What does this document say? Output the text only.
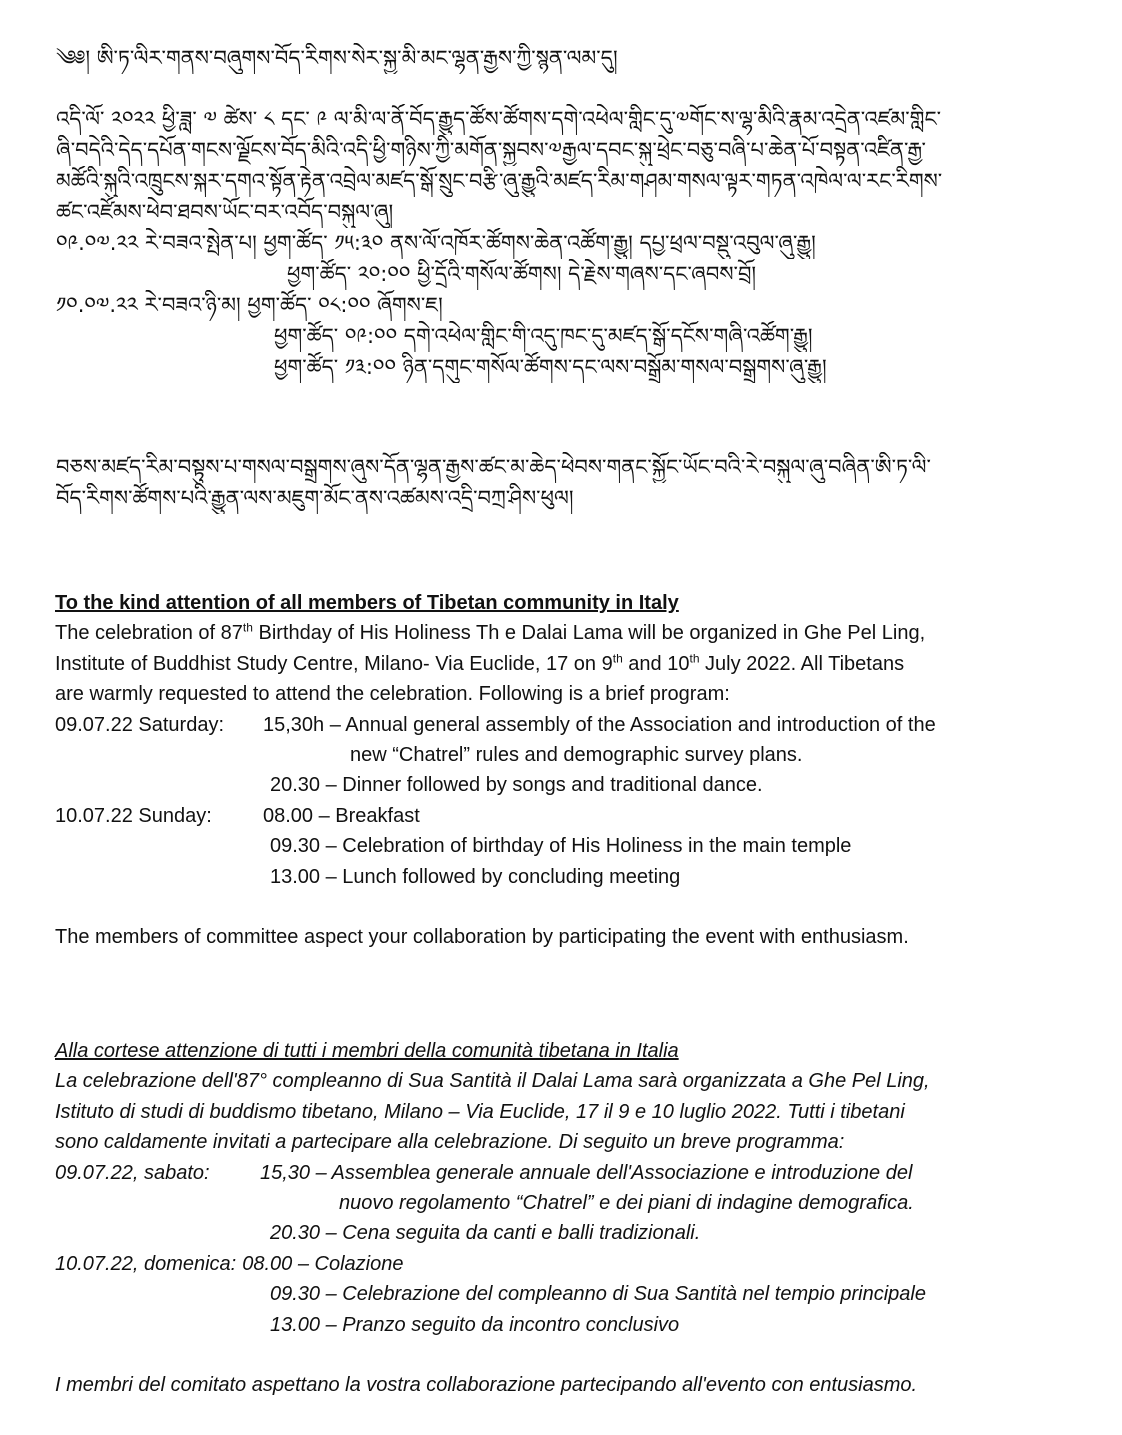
༄༅། ཨི་ཏ་ལིར་གནས་བཞུགས་བོད་རིགས་སེར་སྐྱ་མི་མང་ལྷན་རྒྱས་ཀྱི་སྙན་ལམ་དུ།
འདི་ལོ་ ༢༠༢༢ ཕྱི་ཟླ་ ༧ ཚེས་ ༨ དང་ ༩ ལ་མི་ལ་ནོ་བོད་རྒྱུད་ཚོས་ཚོགས་དགེ་འཕེལ་གླིང་དུ་༧གོང་ས་ལྷ་མིའི་རྣམ་འདྲེན་འཛམ་གླིང་
ཞི་བདེའི་དེད་དཔོན་གངས་ལྗོངས་བོད་མིའི་འདི་ཕྱི་གཉིས་ཀྱི་མགོན་སྐྱབས་༧རྒྱལ་དབང་སྐུ་ཕྲེང་བཅུ་བཞི་པ་ཆེན་པོ་བསྟན་འཛིན་རྒྱ་
མཚོའི་སྐུའི་འཁྲུངས་སྐར་དགའ་སྟོན་རྟེན་འབྲེལ་མཛད་སྒོ་སྲུང་བརྩི་ཞུ་རྒྱུའི་མཛད་རིམ་གཤམ་གསལ་ལྟར་གཏན་འཁེལ་ལ་རང་རིགས་
ཚང་འཛོམས་ཕེབ་ཐབས་ཡོང་བར་འབོད་བསྐུལ་ཞུ།
༠༩.༠༧.༢༢ རེ་བཟའ་སྤེན་པ། ཕྱག་ཚོད་ ༡༥:༣༠ ནས་ལོ་འཁོར་ཚོགས་ཆེན་འཚོག་རྒྱུ། དཔྱ་ཕྲལ་བསྡུ་འབུལ་ཞུ་རྒྱུ།
ཕྱག་ཚོད་ ༢༠:༠༠ ཕྱི་དྲོའི་གསོལ་ཚོགས། དེ་རྗེས་གཞས་དང་ཞབས་བྲོ།
༡༠.༠༧.༢༢ རེ་བཟའ་ཉི་མ། ཕྱག་ཚོད་ ༠༨:༠༠ ཞོགས་ཇ།
ཕྱག་ཚོད་ ༠༩:༠༠ དགེ་འཕེལ་གླིང་གི་འདུ་ཁང་དུ་མཛད་སྒོ་དངོས་གཞི་འཚོག་རྒྱུ།
ཕྱག་ཚོད་ ༡༣:༠༠ ཉིན་དགུང་གསོལ་ཚོགས་དང་ལས་བསྒྲོམ་གསལ་བསྒྲགས་ཞུ་རྒྱུ།
བཅས་མཛད་རིམ་བསྟུས་པ་གསལ་བསྒྲགས་ཞུས་དོན་ལྷན་རྒྱས་ཚང་མ་ཆེད་ཕེབས་གནང་སྐྱོང་ཡོང་བའི་རེ་བསྐུལ་ཞུ་བཞིན་ཨི་ཏ་ལི་
བོད་རིགས་ཚོགས་པའི་རྒྱུན་ལས་མཇུག་མོང་ནས་འཚམས་འདྲི་བཀྲ་ཤིས་ཕུལ།
To the kind attention of all members of Tibetan community in Italy
The celebration of 87th Birthday of His Holiness Th e Dalai Lama will be organized in Ghe Pel Ling,
Institute of Buddhist Study Centre, Milano- Via Euclide, 17 on 9th and 10th July 2022. All Tibetans
are warmly requested to attend the celebration. Following is a brief program:
09.07.22 Saturday:	15,30h – Annual general assembly of the Association and introduction of the
new “Chatrel” rules and demographic survey plans.
20.30 – Dinner followed by songs and traditional dance.
10.07.22 Sunday:	08.00 – Breakfast
09.30 – Celebration of birthday of His Holiness in the main temple
13.00 – Lunch followed by concluding meeting
The members of committee aspect your collaboration by participating the event with enthusiasm.
Alla cortese attenzione di tutti i membri della comunità tibetana in Italia
La celebrazione dell'87° compleanno di Sua Santità il Dalai Lama sarà organizzata a Ghe Pel Ling,
Istituto di studi di buddismo tibetano, Milano – Via Euclide, 17 il 9 e 10 luglio 2022. Tutti i tibetani
sono caldamente invitati a partecipare alla celebrazione. Di seguito un breve programma:
09.07.22, sabato:	15,30 – Assemblea generale annuale dell'Associazione e introduzione del
nuovo regolamento “Chatrel” e dei piani di indagine demografica.
20.30 – Cena seguita da canti e balli tradizionali.
10.07.22, domenica: 08.00 – Colazione
09.30 – Celebrazione del compleanno di Sua Santità nel tempio principale
13.00 – Pranzo seguito da incontro conclusivo
I membri del comitato aspettano la vostra collaborazione partecipando all'evento con entusiasmo.
